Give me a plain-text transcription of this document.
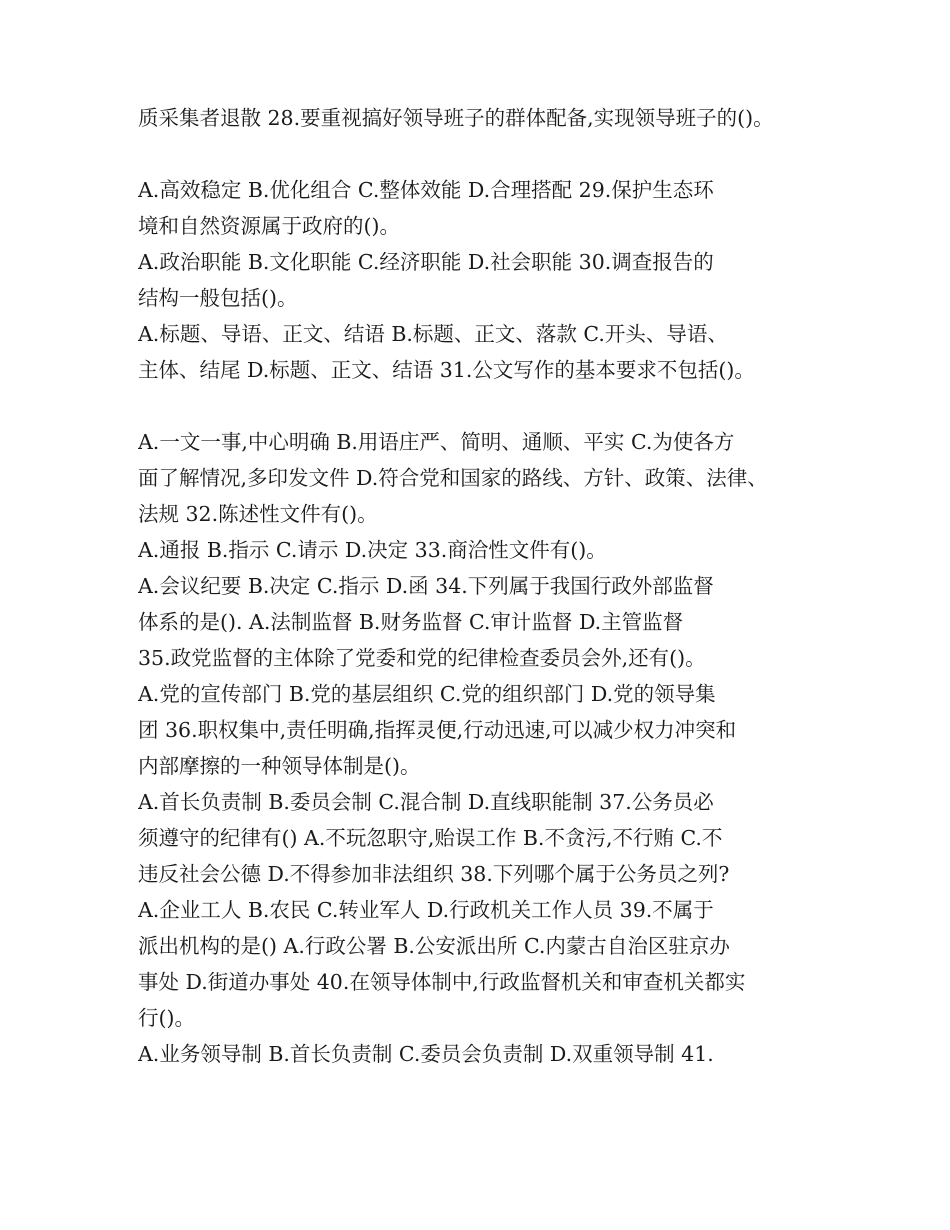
质采集者退散 28.要重视搞好领导班子的群体配备,实现领导班子的()。
A.高效稳定 B.优化组合 C.整体效能 D.合理搭配 29.保护生态环
境和自然资源属于政府的()。
A.政治职能 B.文化职能 C.经济职能 D.社会职能 30.调查报告的
结构一般包括()。
A.标题、导语、正文、结语 B.标题、正文、落款 C.开头、导语、
主体、结尾 D.标题、正文、结语 31.公文写作的基本要求不包括()。
A.一文一事,中心明确 B.用语庄严、简明、通顺、平实 C.为使各方
面了解情况,多印发文件 D.符合党和国家的路线、方针、政策、法律、
法规 32.陈述性文件有()。
A.通报 B.指示 C.请示 D.决定 33.商洽性文件有()。
A.会议纪要 B.决定 C.指示 D.函 34.下列属于我国行政外部监督
体系的是(). A.法制监督 B.财务监督 C.审计监督 D.主管监督
35.政党监督的主体除了党委和党的纪律检查委员会外,还有()。
A.党的宣传部门 B.党的基层组织 C.党的组织部门 D.党的领导集
团 36.职权集中,责任明确,指挥灵便,行动迅速,可以减少权力冲突和
内部摩擦的一种领导体制是()。
A.首长负责制 B.委员会制 C.混合制 D.直线职能制 37.公务员必
须遵守的纪律有() A.不玩忽职守,贻误工作 B.不贪污,不行贿 C.不
违反社会公德 D.不得参加非法组织 38.下列哪个属于公务员之列?
A.企业工人 B.农民 C.转业军人 D.行政机关工作人员 39.不属于
派出机构的是() A.行政公署 B.公安派出所 C.内蒙古自治区驻京办
事处 D.街道办事处 40.在领导体制中,行政监督机关和审查机关都实
行()。
A.业务领导制 B.首长负责制 C.委员会负责制 D.双重领导制 41.
